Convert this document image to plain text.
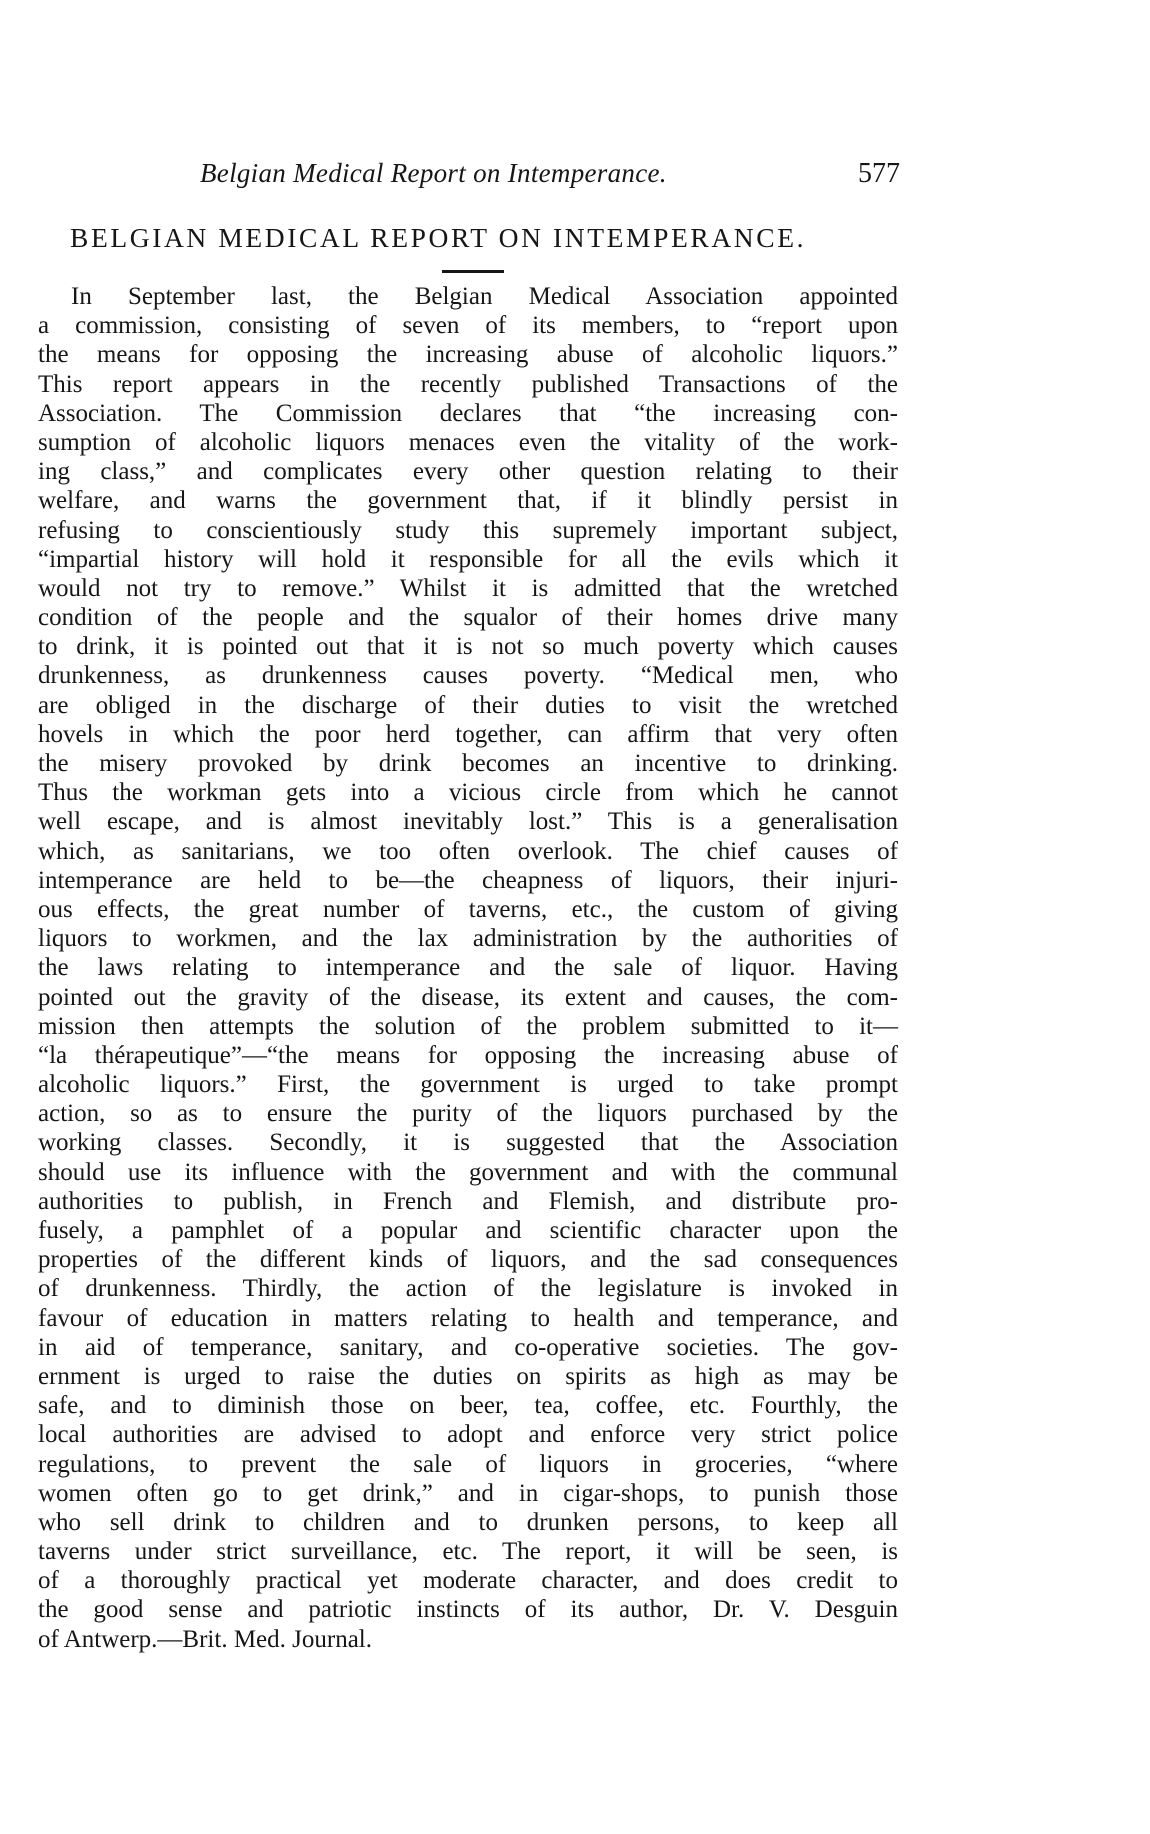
Belgian Medical Report on Intemperance.	577
BELGIAN MEDICAL REPORT ON INTEMPERANCE.
In September last, the Belgian Medical Association appointed
a commission, consisting of seven of its members, to “report upon
the means for opposing the increasing abuse of alcoholic liquors.”
This report appears in the recently published Transactions of the
Association. The Commission declares that “the increasing con-
sumption of alcoholic liquors menaces even the vitality of the work-
ing class,” and complicates every other question relating to their
welfare, and warns the government that, if it blindly persist in
refusing to conscientiously study this supremely important subject,
“impartial history will hold it responsible for all the evils which it
would not try to remove.” Whilst it is admitted that the wretched
condition of the people and the squalor of their homes drive many
to drink, it is pointed out that it is not so much poverty which causes
drunkenness, as drunkenness causes poverty. “Medical men, who
are obliged in the discharge of their duties to visit the wretched
hovels in which the poor herd together, can affirm that very often
the misery provoked by drink becomes an incentive to drinking.
Thus the workman gets into a vicious circle from which he cannot
well escape, and is almost inevitably lost.” This is a generalisation
which, as sanitarians, we too often overlook. The chief causes of
intemperance are held to be—the cheapness of liquors, their injuri-
ous effects, the great number of taverns, etc., the custom of giving
liquors to workmen, and the lax administration by the authorities of
the laws relating to intemperance and the sale of liquor. Having
pointed out the gravity of the disease, its extent and causes, the com-
mission then attempts the solution of the problem submitted to it—
“la thérapeutique”—“the means for opposing the increasing abuse of
alcoholic liquors.” First, the government is urged to take prompt
action, so as to ensure the purity of the liquors purchased by the
working classes. Secondly, it is suggested that the Association
should use its influence with the government and with the communal
authorities to publish, in French and Flemish, and distribute pro-
fusely, a pamphlet of a popular and scientific character upon the
properties of the different kinds of liquors, and the sad consequences
of drunkenness. Thirdly, the action of the legislature is invoked in
favour of education in matters relating to health and temperance, and
in aid of temperance, sanitary, and co-operative societies. The gov-
ernment is urged to raise the duties on spirits as high as may be
safe, and to diminish those on beer, tea, coffee, etc. Fourthly, the
local authorities are advised to adopt and enforce very strict police
regulations, to prevent the sale of liquors in groceries, “where
women often go to get drink,” and in cigar-shops, to punish those
who sell drink to children and to drunken persons, to keep all
taverns under strict surveillance, etc. The report, it will be seen, is
of a thoroughly practical yet moderate character, and does credit to
the good sense and patriotic instincts of its author, Dr. V. Desguin
of Antwerp.—Brit. Med. Journal.
